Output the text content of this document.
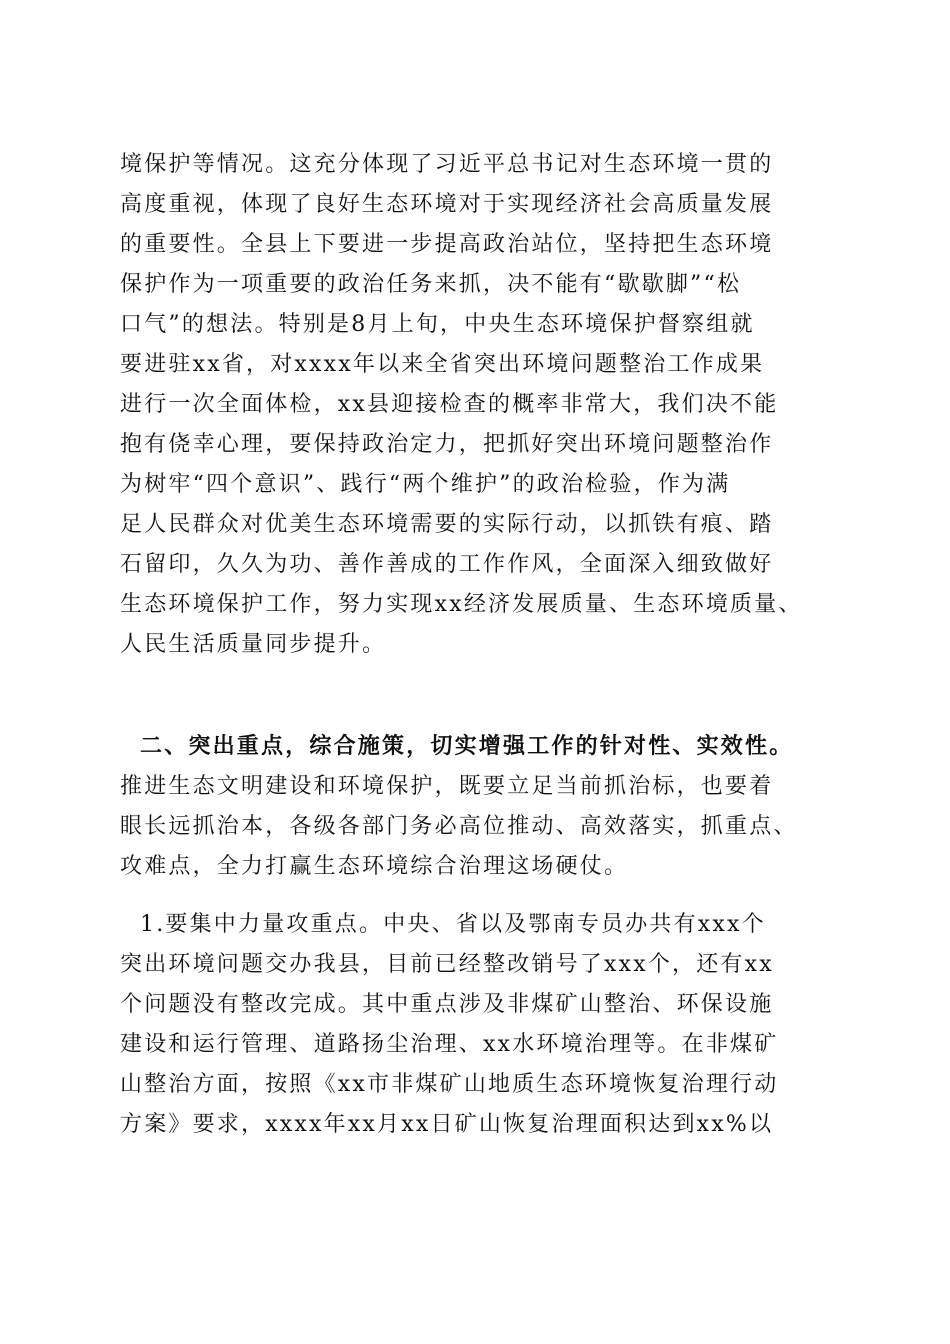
境保护等情况。这充分体现了习近平总书记对生态环境一贯的
高度重视，体现了良好生态环境对于实现经济社会高质量发展
的重要性。全县上下要进一步提高政治站位，坚持把生态环境
保护作为一项重要的政治任务来抓，决不能有“歇歇脚”“松
口气”的想法。特别是8月上旬，中央生态环境保护督察组就
要进驻xx省，对xxxx年以来全省突出环境问题整治工作成果
进行一次全面体检，xx县迎接检查的概率非常大，我们决不能
抱有侥幸心理，要保持政治定力，把抓好突出环境问题整治作
为树牢“四个意识”、践行“两个维护”的政治检验，作为满
足人民群众对优美生态环境需要的实际行动，以抓铁有痕、踏
石留印，久久为功、善作善成的工作作风，全面深入细致做好
生态环境保护工作，努力实现xx经济发展质量、生态环境质量、
人民生活质量同步提升。
二、突出重点，综合施策，切实增强工作的针对性、实效性。
推进生态文明建设和环境保护，既要立足当前抓治标，也要着
眼长远抓治本，各级各部门务必高位推动、高效落实，抓重点、
攻难点，全力打赢生态环境综合治理这场硬仗。
1.要集中力量攻重点。中央、省以及鄂南专员办共有xxx个
突出环境问题交办我县，目前已经整改销号了xxx个，还有xx
个问题没有整改完成。其中重点涉及非煤矿山整治、环保设施
建设和运行管理、道路扬尘治理、xx水环境治理等。在非煤矿
山整治方面，按照《xx市非煤矿山地质生态环境恢复治理行动
方案》要求，xxxx年xx月xx日矿山恢复治理面积达到xx%以
